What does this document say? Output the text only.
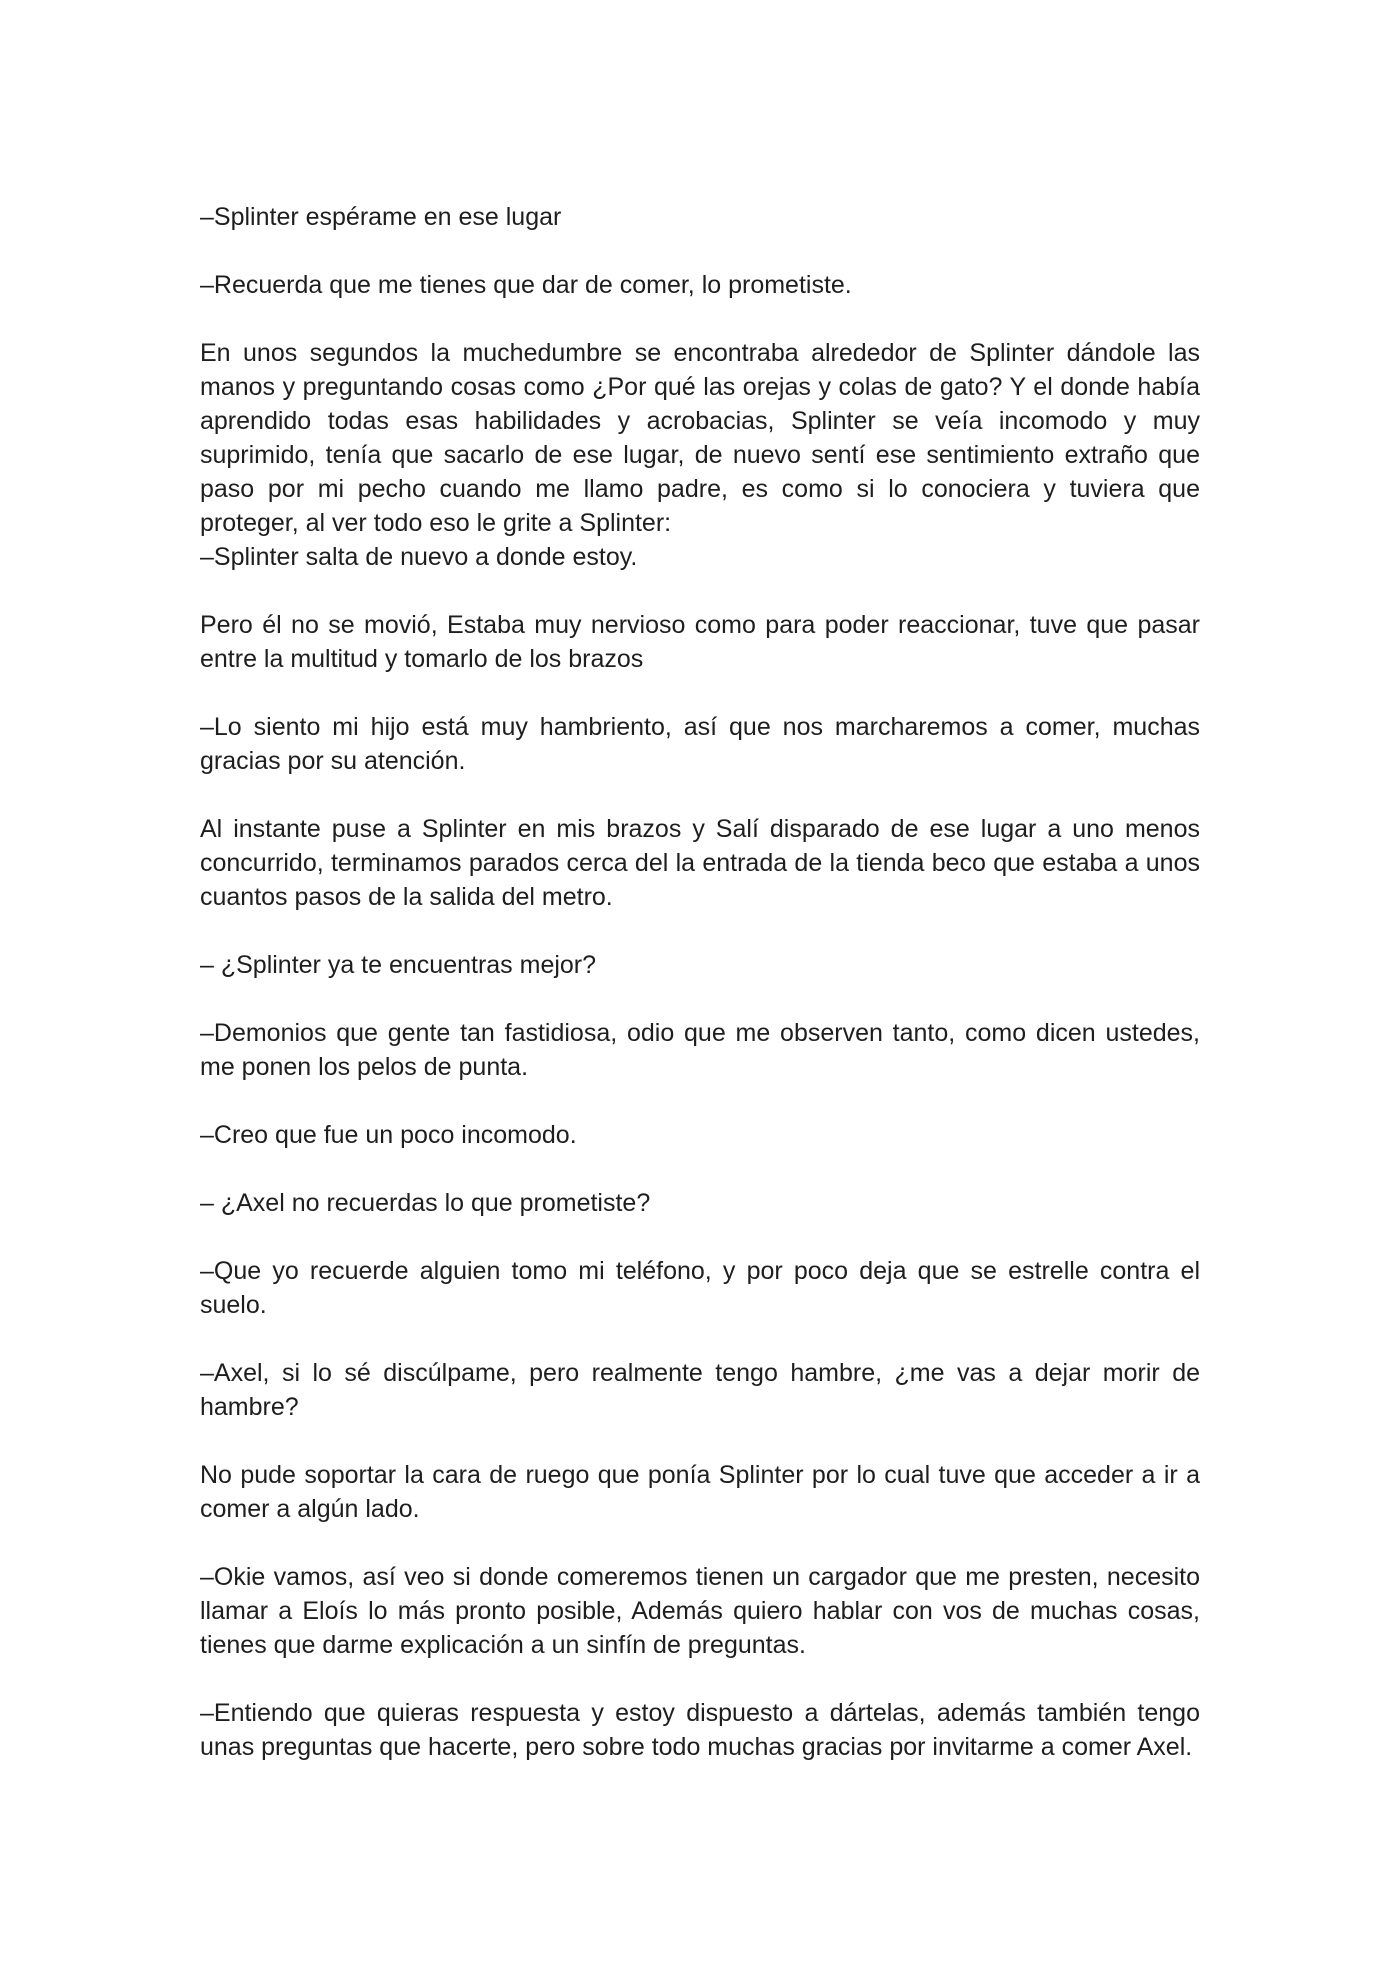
–Splinter espérame en ese lugar

–Recuerda que me tienes que dar de comer, lo prometiste.

En unos segundos la muchedumbre se encontraba alrededor de Splinter dándole las manos y preguntando cosas como ¿Por qué las orejas y colas de gato? Y el donde había aprendido todas esas habilidades y acrobacias, Splinter se veía incomodo y muy suprimido, tenía que sacarlo de ese lugar, de nuevo sentí ese sentimiento extraño que paso por mi pecho cuando me llamo padre, es como si lo conociera y tuviera que proteger, al ver todo eso le grite a Splinter:

–Splinter salta de nuevo a donde estoy.

Pero él no se movió, Estaba muy nervioso como para poder reaccionar, tuve que pasar entre la multitud y tomarlo de los brazos

–Lo siento mi hijo está muy hambriento, así que nos marcharemos a comer, muchas gracias por su atención.

Al instante puse a Splinter en mis brazos y Salí disparado de ese lugar a uno menos concurrido, terminamos parados cerca del la entrada de la tienda beco que estaba a unos cuantos pasos de la salida del metro.

– ¿Splinter ya te encuentras mejor?

–Demonios que gente tan fastidiosa, odio que me observen tanto, como dicen ustedes, me ponen los pelos de punta.

–Creo que fue un poco incomodo.

– ¿Axel no recuerdas lo que prometiste?

–Que yo recuerde alguien tomo mi teléfono, y por poco deja que se estrelle contra el suelo.

–Axel, si lo sé discúlpame, pero realmente tengo hambre, ¿me vas a dejar morir de hambre?

No pude soportar la cara de ruego que ponía Splinter por lo cual tuve que acceder a ir a comer a algún lado.

–Okie vamos, así veo si donde comeremos tienen un cargador que me presten, necesito llamar a Eloís lo más pronto posible, Además quiero hablar con vos de muchas cosas, tienes que darme explicación a un sinfín de preguntas.

–Entiendo que quieras respuesta y estoy dispuesto a dártelas, además también tengo unas preguntas que hacerte, pero sobre todo muchas gracias por invitarme a comer Axel.
